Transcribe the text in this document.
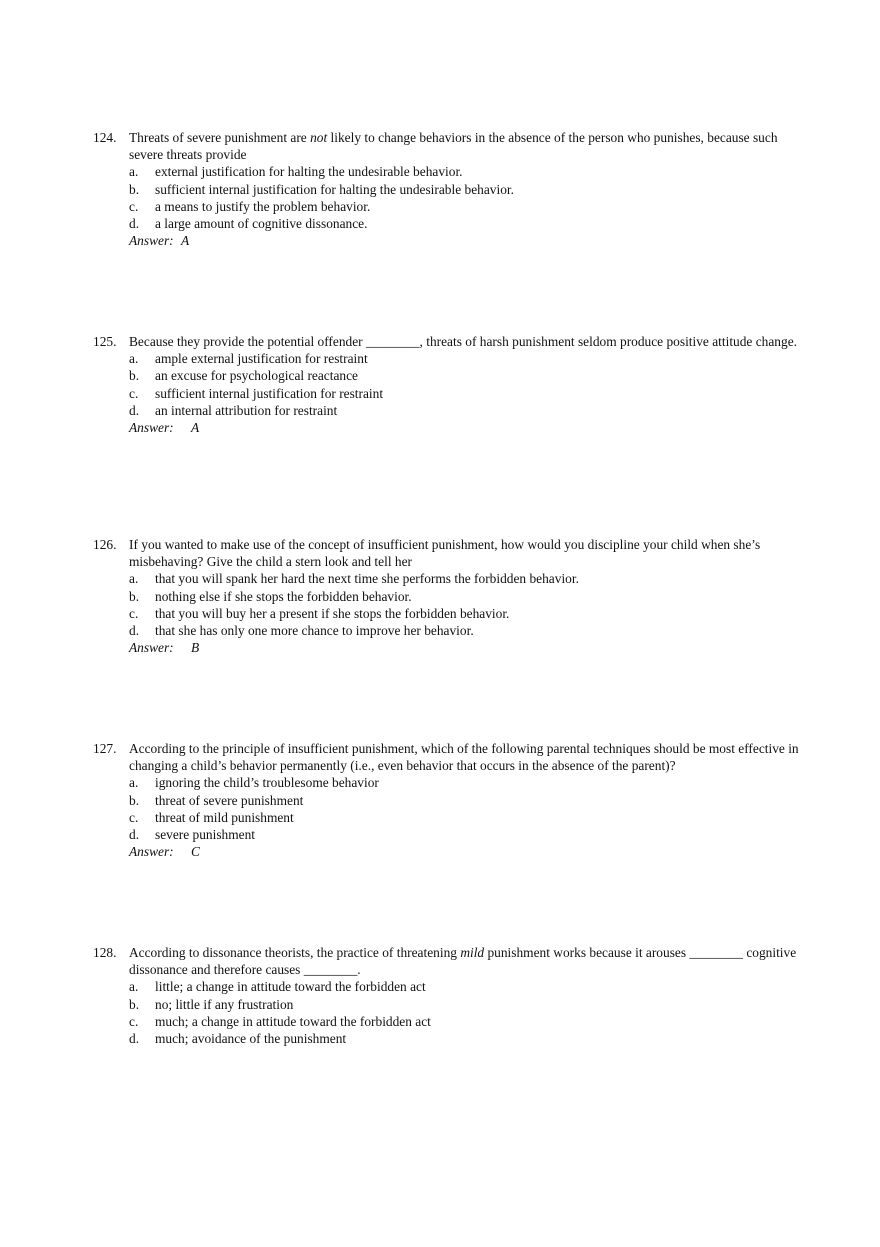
124. Threats of severe punishment are not likely to change behaviors in the absence of the person who punishes, because such severe threats provide
a. external justification for halting the undesirable behavior.
b. sufficient internal justification for halting the undesirable behavior.
c. a means to justify the problem behavior.
d. a large amount of cognitive dissonance.
Answer: A
125. Because they provide the potential offender ________, threats of harsh punishment seldom produce positive attitude change.
a. ample external justification for restraint
b. an excuse for psychological reactance
c. sufficient internal justification for restraint
d. an internal attribution for restraint
Answer: A
126. If you wanted to make use of the concept of insufficient punishment, how would you discipline your child when she’s misbehaving? Give the child a stern look and tell her
a. that you will spank her hard the next time she performs the forbidden behavior.
b. nothing else if she stops the forbidden behavior.
c. that you will buy her a present if she stops the forbidden behavior.
d. that she has only one more chance to improve her behavior.
Answer: B
127. According to the principle of insufficient punishment, which of the following parental techniques should be most effective in changing a child’s behavior permanently (i.e., even behavior that occurs in the absence of the parent)?
a. ignoring the child’s troublesome behavior
b. threat of severe punishment
c. threat of mild punishment
d. severe punishment
Answer: C
128. According to dissonance theorists, the practice of threatening mild punishment works because it arouses ________ cognitive dissonance and therefore causes ________.
a. little; a change in attitude toward the forbidden act
b. no; little if any frustration
c. much; a change in attitude toward the forbidden act
d. much; avoidance of the punishment
